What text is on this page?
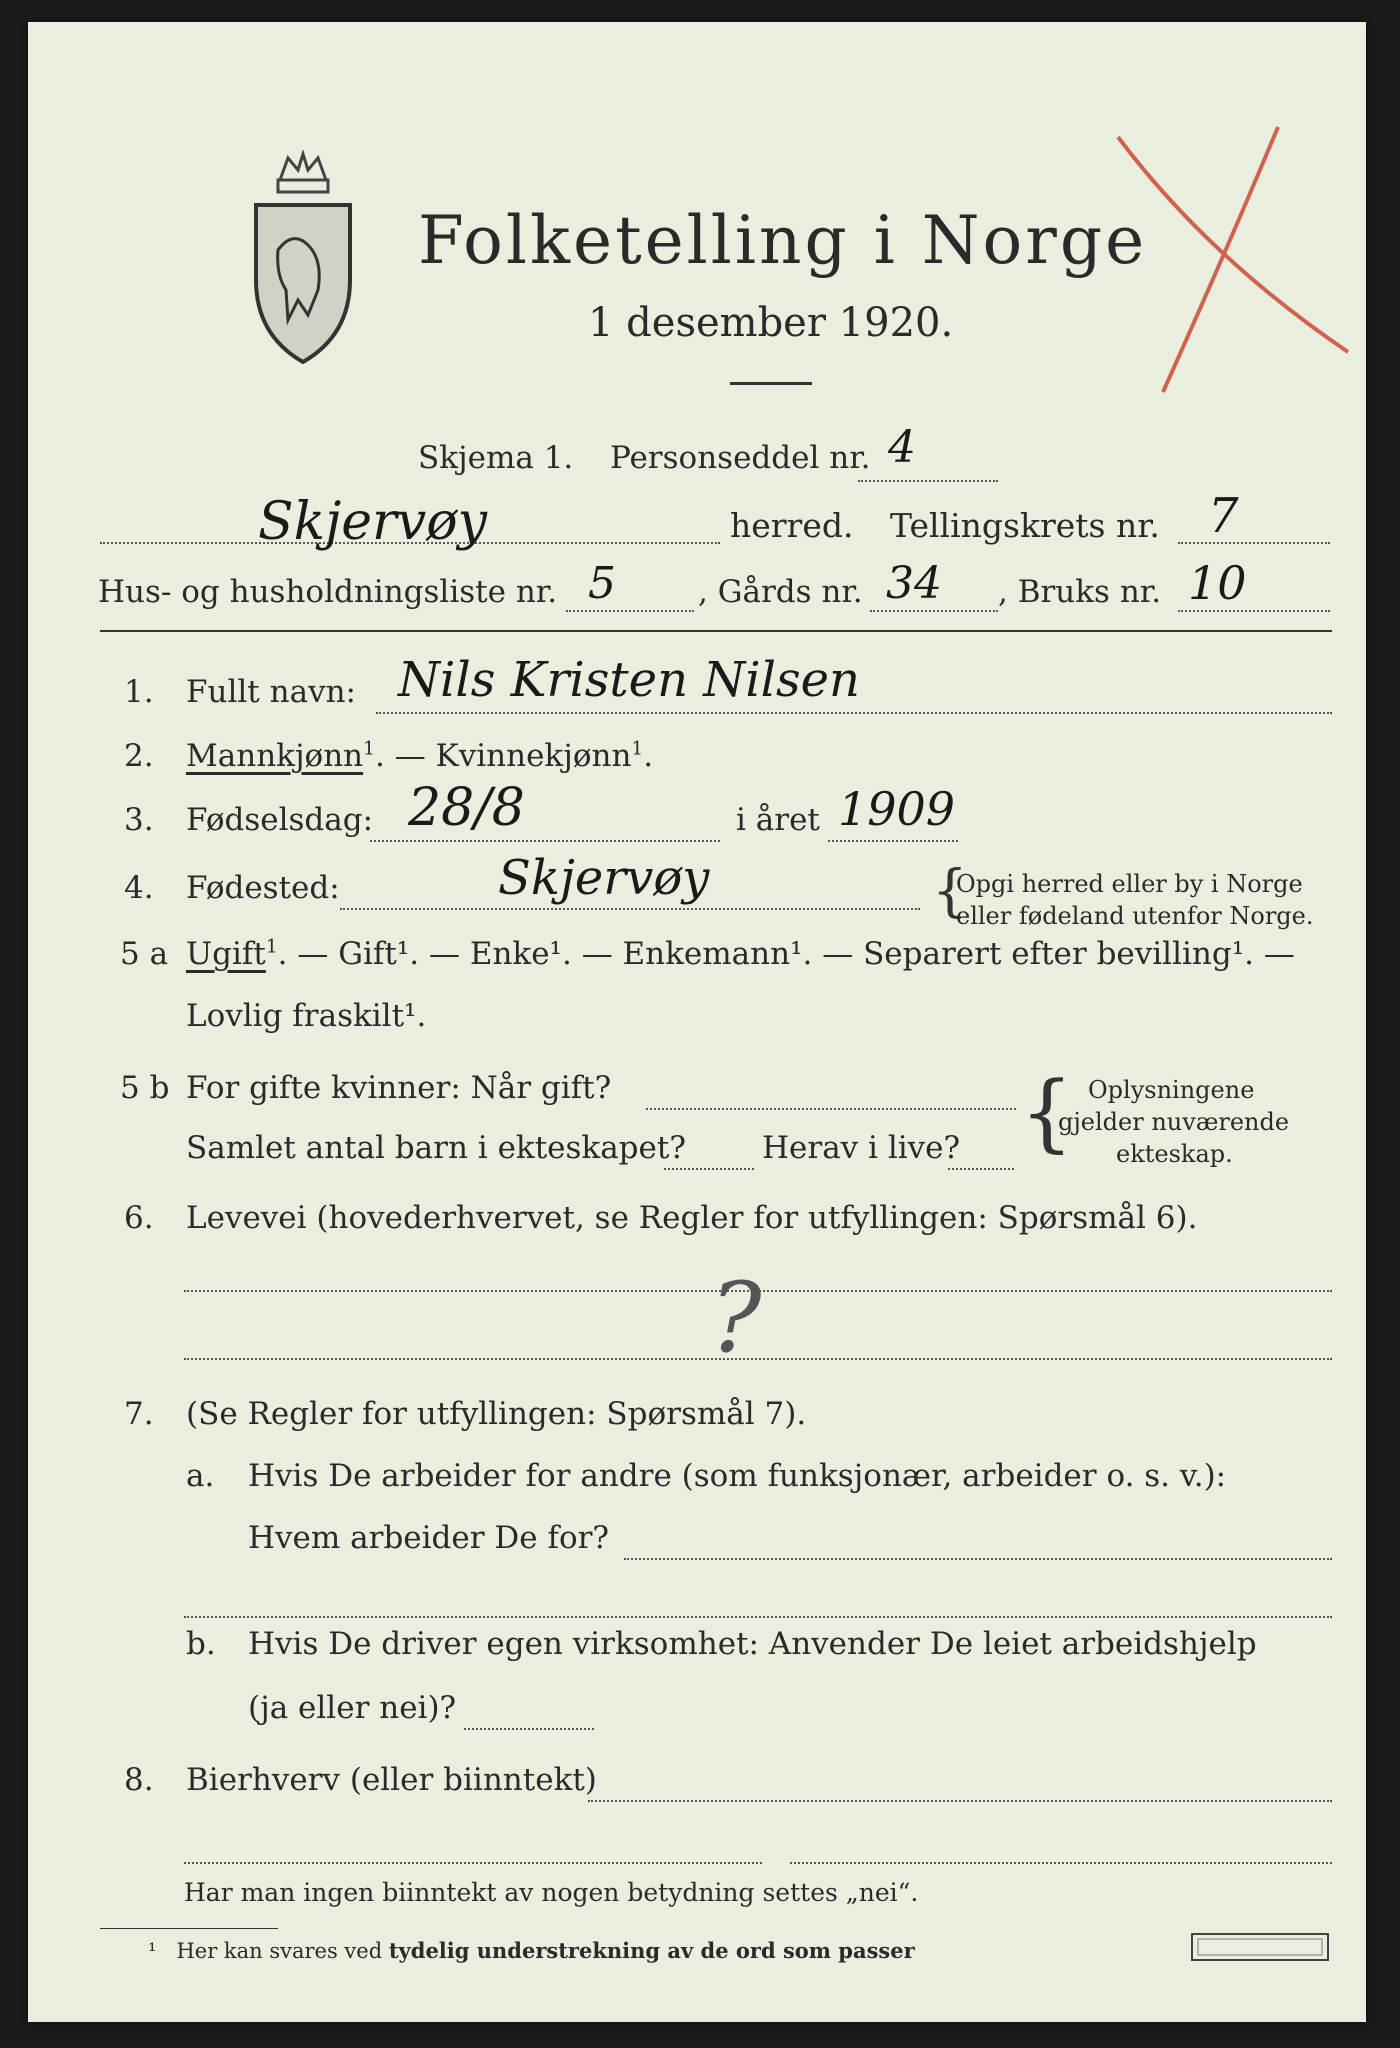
Folketelling i Norge
1 desember 1920.
Skjema 1. Personseddel nr. 4
Skjervøy	herred. Tellingskrets nr. 7
Hus- og husholdningsliste nr. 5	, Gårds nr. 34 , Bruks nr. 10
1. Fullt navn: Nils Kristen Nilsen
2. Mannkjønn$^1$. — Kvinnekjønn$^1$.
3. Fødselsdag: 28/8	i året 1909
4. Fødested:	Skjervøy	{
Opgi herred eller by i Norge
eller fødeland utenfor Norge.
5 a Ugift$^1$. — Gift¹. — Enke¹. — Enkemann¹. — Separert efter bevilling¹. —
Lovlig fraskilt¹.
5 b For gifte kvinner: Når gift?
Samlet antal barn i ekteskapet? Herav i live? { Oplysningene
gjelder nuværende
ekteskap.
6. Levevei (hovederhvervet, se Regler for utfyllingen: Spørsmål 6).
?
7. (Se Regler for utfyllingen: Spørsmål 7).
a. Hvis De arbeider for andre (som funksjonær, arbeider o. s. v.):
Hvem arbeider De for?
b. Hvis De driver egen virksomhet: Anvender De leiet arbeidshjelp
(ja eller nei)?
8. Bierhverv (eller biinntekt)
Har man ingen biinntekt av nogen betydning settes „nei“.
¹ Her kan svares ved tydelig understrekning av de ord som passer
